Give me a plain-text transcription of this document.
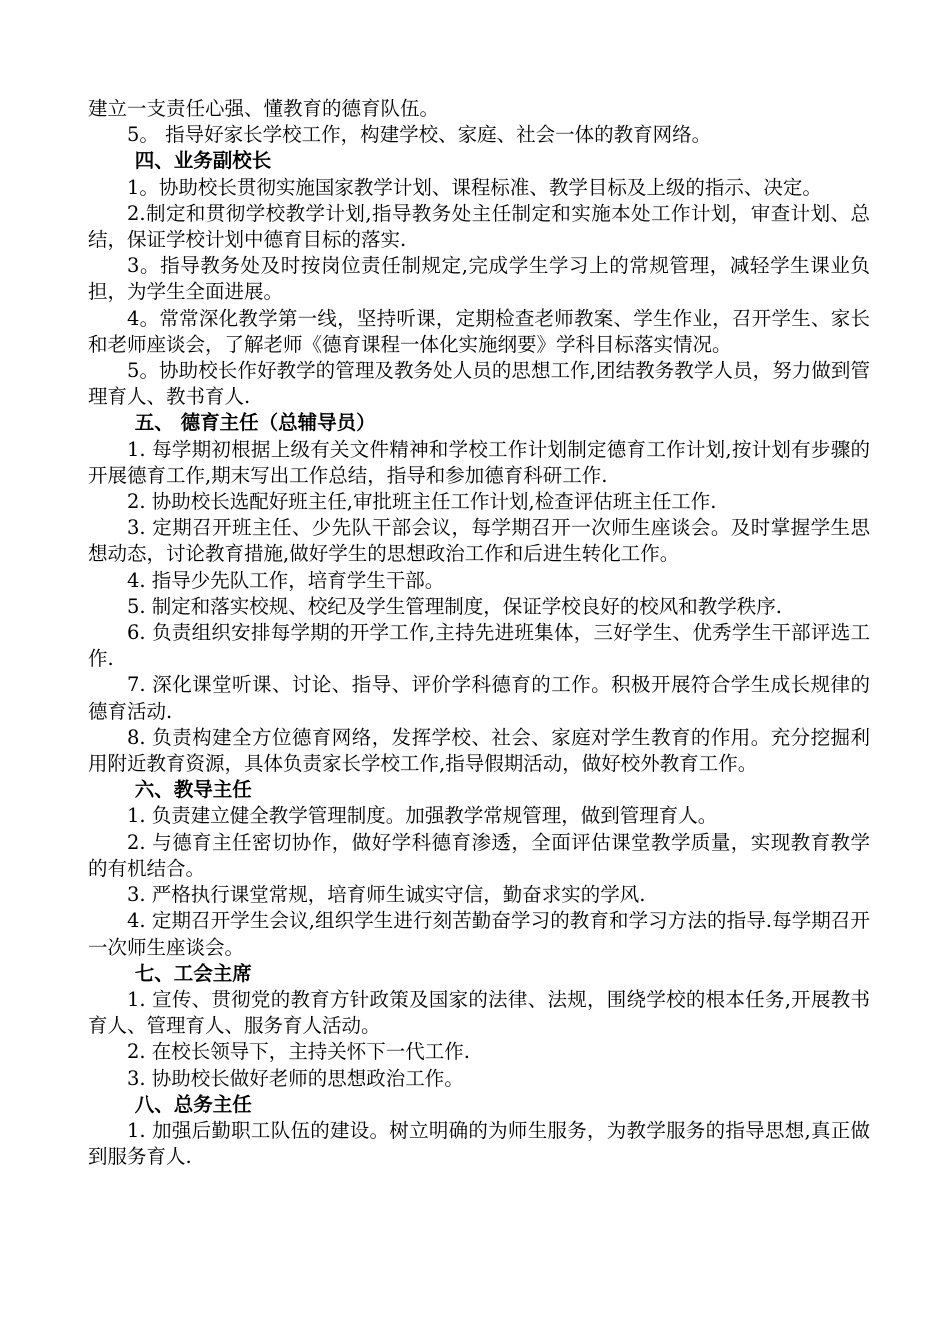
建立一支责任心强、懂教育的德育队伍。
5。 指导好家长学校工作，构建学校、家庭、社会一体的教育网络。
四、业务副校长
1。协助校长贯彻实施国家教学计划、课程标准、教学目标及上级的指示、决定。
2.制定和贯彻学校教学计划,指导教务处主任制定和实施本处工作计划，审查计划、总结，保证学校计划中德育目标的落实.
3。指导教务处及时按岗位责任制规定,完成学生学习上的常规管理，减轻学生课业负担，为学生全面进展。
4。常常深化教学第一线，坚持听课，定期检查老师教案、学生作业，召开学生、家长和老师座谈会，了解老师《德育课程一体化实施纲要》学科目标落实情况。
5。协助校长作好教学的管理及教务处人员的思想工作,团结教务教学人员，努力做到管理育人、教书育人.
五、 德育主任（总辅导员）
1. 每学期初根据上级有关文件精神和学校工作计划制定德育工作计划,按计划有步骤的开展德育工作,期末写出工作总结，指导和参加德育科研工作.
2. 协助校长选配好班主任,审批班主任工作计划,检查评估班主任工作.
3. 定期召开班主任、少先队干部会议，每学期召开一次师生座谈会。及时掌握学生思想动态，讨论教育措施,做好学生的思想政治工作和后进生转化工作。
4. 指导少先队工作，培育学生干部。
5. 制定和落实校规、校纪及学生管理制度，保证学校良好的校风和教学秩序.
6. 负责组织安排每学期的开学工作,主持先进班集体，三好学生、优秀学生干部评选工作.
7. 深化课堂听课、讨论、指导、评价学科德育的工作。积极开展符合学生成长规律的德育活动.
8. 负责构建全方位德育网络，发挥学校、社会、家庭对学生教育的作用。充分挖掘利用附近教育资源，具体负责家长学校工作,指导假期活动，做好校外教育工作。
六、教导主任
1. 负责建立健全教学管理制度。加强教学常规管理，做到管理育人。
2. 与德育主任密切协作，做好学科德育渗透，全面评估课堂教学质量，实现教育教学的有机结合。
3. 严格执行课堂常规，培育师生诚实守信，勤奋求实的学风.
4. 定期召开学生会议,组织学生进行刻苦勤奋学习的教育和学习方法的指导.每学期召开一次师生座谈会。
七、工会主席
1. 宣传、贯彻党的教育方针政策及国家的法律、法规，围绕学校的根本任务,开展教书育人、管理育人、服务育人活动。
2. 在校长领导下，主持关怀下一代工作.
3. 协助校长做好老师的思想政治工作。
八、总务主任
1. 加强后勤职工队伍的建设。树立明确的为师生服务，为教学服务的指导思想,真正做到服务育人.
